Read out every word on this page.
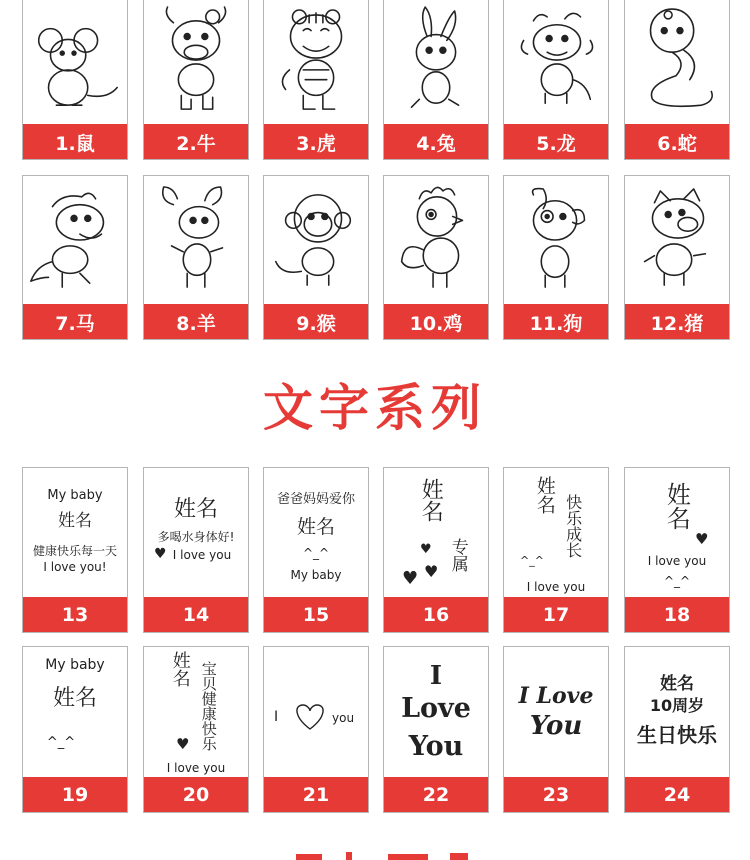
1.鼠	2.牛	3.虎	4.兔	5.龙	6.蛇
7.马	8.羊	9.猴	10.鸡	11.狗	12.猪
文字系列
My baby
姓名
健康快乐每一天
I love you!
13
姓名
多喝水身体好!
♥ I love you
14
爸爸妈妈爱你
姓名
^_^
My baby
15
姓名
专属
♥
♥ ♥
16
姓名 快乐成长
^_^
I love you
17
姓名
♥
I love you
^_^
18
My baby
姓名
^_^
19
姓名 宝贝健康快乐
♥
I love you
20
I	you
21
I
Love
You
22
I Love
You
23
姓名
10周岁
生日快乐
24
